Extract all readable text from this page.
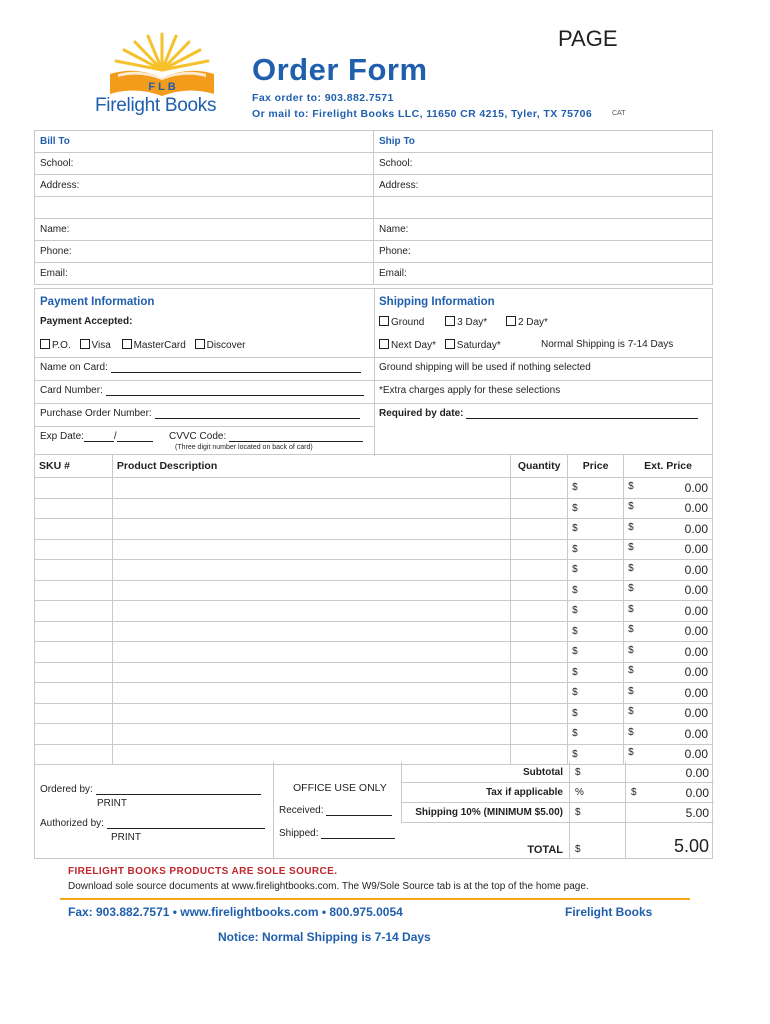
PAGE
F L B
Firelight Books
Order Form
Fax order to: 903.882.7571
Or mail to: Firelight Books LLC, 11650 CR 4215, Tyler, TX 75706	CAT
Bill To	Ship To
School:	School:
Address:	Address:

Name:	Name:
Phone:	Phone:
Email:	Email:
Payment Information
Payment Accepted:
P.O. Visa MasterCard Discover
Name on Card:
Card Number:
Purchase Order Number:
Exp Date:	/	CVVC Code:
(Three digit number located on back of card)
Shipping Information
Ground	3 Day*	2 Day*
Next Day* Saturday*	Normal Shipping is 7-14 Days
Ground shipping will be used if nothing selected
*Extra charges apply for these selections
Required by date:
SKU #	Product Description	Quantity	Price	Ext. Price
			$	$ 0.00

			$	$ 0.00

			$	$ 0.00

			$	$ 0.00

			$	$ 0.00

			$	$ 0.00

			$	$ 0.00

			$	$ 0.00

			$	$ 0.00

			$	$ 0.00

			$	$ 0.00

			$	$ 0.00

			$	$ 0.00

			$	$ 0.00
Ordered by:
PRINT
Authorized by:
PRINT
OFFICE USE ONLY
Received:
Shipped:
Subtotal $	0.00
Tax if applicable %	$	0.00
Shipping 10% (MINIMUM $5.00) $	5.00
TOTAL $	5.00
FIRELIGHT BOOKS PRODUCTS ARE SOLE SOURCE.
Download sole source documents at www.firelightbooks.com. The W9/Sole Source tab is at the top of the home page.
Fax: 903.882.7571 • www.firelightbooks.com • 800.975.0054	Firelight Books
Notice: Normal Shipping is 7-14 Days
